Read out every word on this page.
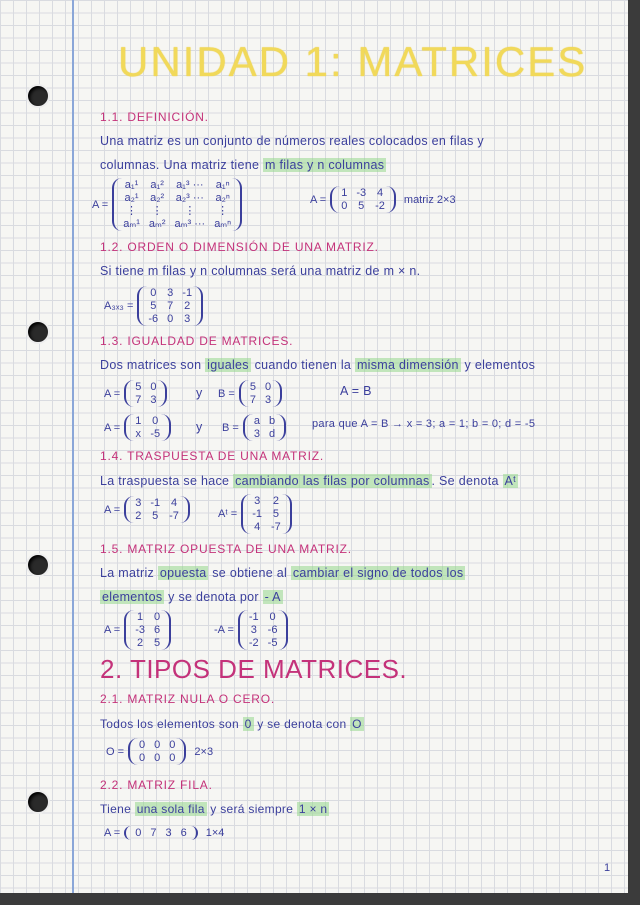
UNIDAD 1: MATRICES
1.1. DEFINICIÓN.
Una matriz es un conjunto de números reales colocados en filas y
columnas. Una matriz tiene m filas y n columnas
A =
a₁¹ a₁² a₁³ ··· a₁ⁿ
a₂¹ a₂² a₂³ ··· a₂ⁿ
⋮ ⋮	⋮	⋮
aₘ¹ aₘ² aₘ³ ··· aₘⁿ
A =
1 -3 4
0 5 -2
matriz 2×3
1.2. ORDEN O DIMENSIÓN DE UNA MATRIZ.
Si tiene m filas y n columnas será una matriz de m × n.
A₃ₓ₃ =
0 3 -1
5 7 2
-6 0 3
1.3. IGUALDAD DE MATRICES.
Dos matrices son iguales cuando tienen la misma dimensión y elementos
A =
5 0
7 3	y B =
5 0
7 3
A = B
A =
1 0
x -5	y B =
a b
3 d
para que A = B → x = 3; a = 1; b = 0; d = -5
1.4. TRASPUESTA DE UNA MATRIZ.
La traspuesta se hace cambiando las filas por columnas . Se denota Aᵗ
A =
3 -1 4
2 5 -7	Aᵗ =
3 2
-1 5
4 -7
1.5. MATRIZ OPUESTA DE UNA MATRIZ.
La matriz opuesta se obtiene al cambiar el signo de todos los
elementos y se denota por - A
A =
1 0
-3 6
2 5
-A =
-1 0
3 -6
-2 -5
2. TIPOS DE MATRICES.
2.1. MATRIZ NULA O CERO.
Todos los elementos son 0 y se denota con O
O =
0 0 0
0 0 0
2×3
2.2. MATRIZ FILA.
Tiene una sola fila y será siempre 1 × n
A = 0 7 3 6 1×4
1
